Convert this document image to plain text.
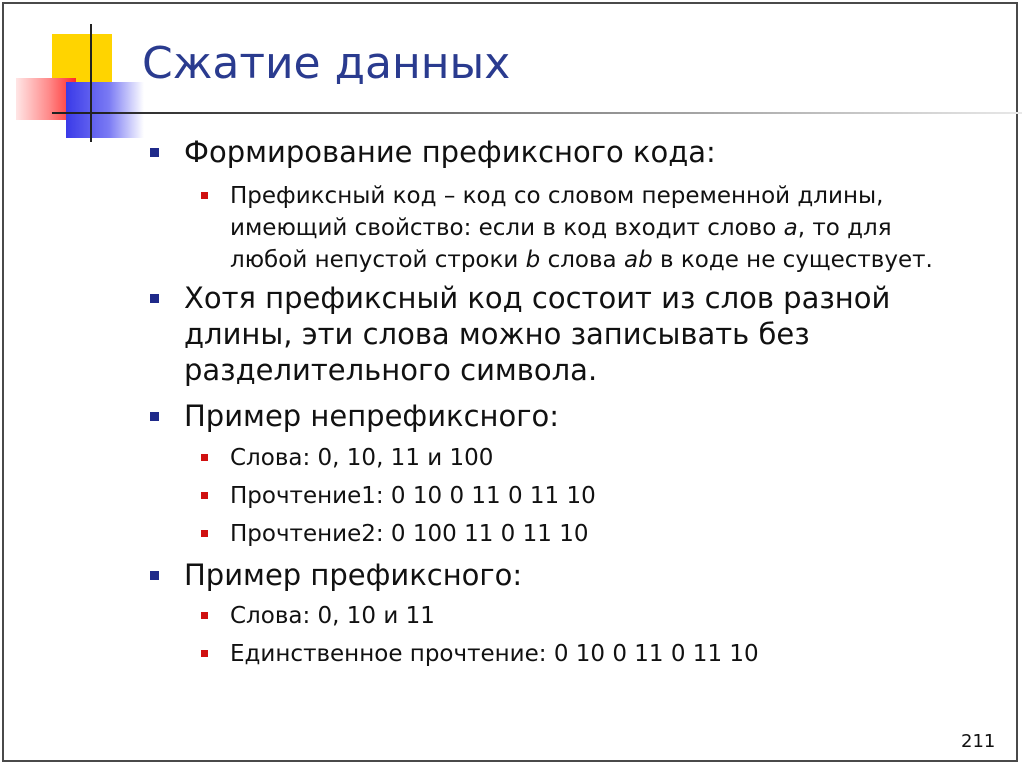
Сжатие данных
Формирование префиксного кода:
Префиксный код – код со словом переменной длины,
имеющий свойство: если в код входит слово a, то для
любой непустой строки b слова ab в коде не существует.
Хотя префиксный код состоит из слов разной
длины, эти слова можно записывать без
разделительного символа.
Пример непрефиксного:
Слова: 0, 10, 11 и 100
Прочтение1: 0 10 0 11 0 11 10
Прочтение2: 0 100 11 0 11 10
Пример префиксного:
Слова: 0, 10 и 11
Единственное прочтение: 0 10 0 11 0 11 10
211
